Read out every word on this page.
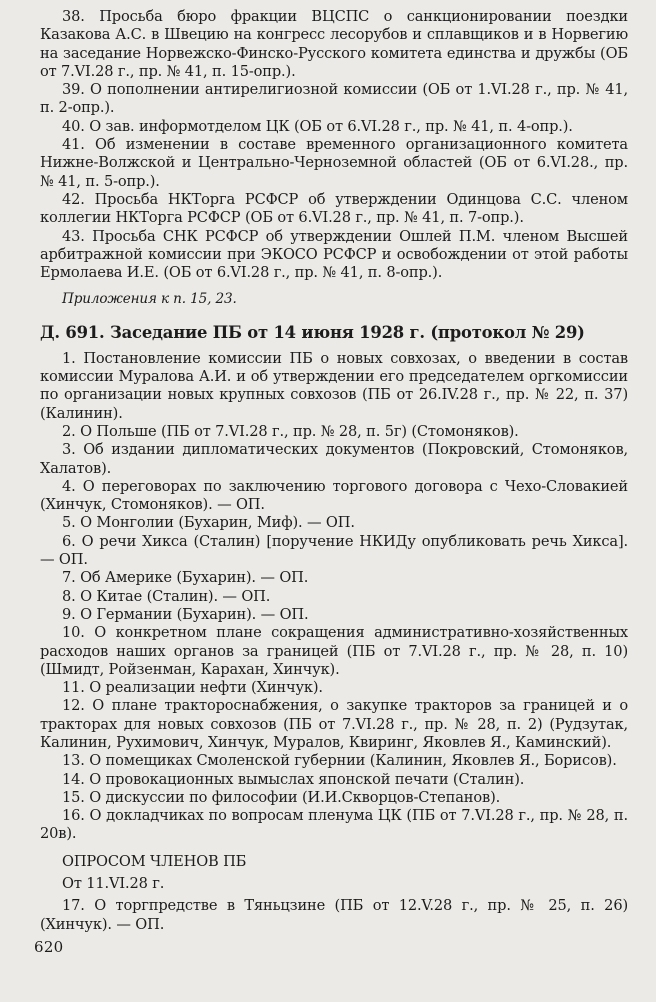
38. Просьба бюро фракции ВЦСПС о санкционировании поездки Казакова А.С. в Швецию на конгресс лесорубов и сплавщиков и в Норвегию на заседание Норвежско-Финско-Русского комитета единства и дружбы (ОБ от 7.VI.28 г., пр. № 41, п. 15-опр.).

39. О пополнении антирелигиозной комиссии (ОБ от 1.VI.28 г., пр. № 41, п. 2-опр.).

40. О зав. информотделом ЦК (ОБ от 6.VI.28 г., пр. № 41, п. 4-опр.).

41. Об изменении в составе временного организационного комитета Нижне-Волжской и Центрально-Черноземной областей (ОБ от 6.VI.28., пр. № 41, п. 5-опр.).

42. Просьба НКТорга РСФСР об утверждении Одинцова С.С. членом коллегии НКТорга РСФСР (ОБ от 6.VI.28 г., пр. № 41, п. 7-опр.).

43. Просьба СНК РСФСР об утверждении Ошлей П.М. членом Высшей арбитражной комиссии при ЭКОСО РСФСР и освобождении от этой работы Ермолаева И.Е. (ОБ от 6.VI.28 г., пр. № 41, п. 8-опр.).

Приложения к п. 15, 23.

Д. 691. Заседание ПБ от 14 июня 1928 г. (протокол № 29)

1. Постановление комиссии ПБ о новых совхозах, о введении в состав комиссии Муралова А.И. и об утверждении его председателем оргкомиссии по организации новых крупных совхозов (ПБ от 26.IV.28 г., пр. № 22, п. 37) (Калинин).

2. О Польше (ПБ от 7.VI.28 г., пр. № 28, п. 5г) (Стомоняков).

3. Об издании дипломатических документов (Покровский, Стомоняков, Халатов).

4. О переговорах по заключению торгового договора с Чехо-Словакией (Хинчук, Стомоняков). — ОП.

5. О Монголии (Бухарин, Миф). — ОП.

6. О речи Хикса (Сталин) [поручение НКИДу опубликовать речь Хикса]. — ОП.

7. Об Америке (Бухарин). — ОП.

8. О Китае (Сталин). — ОП.

9. О Германии (Бухарин). — ОП.

10. О конкретном плане сокращения административно-хозяйственных расходов наших органов за границей (ПБ от 7.VI.28 г., пр. № 28, п. 10) (Шмидт, Ройзенман, Карахан, Хинчук).

11. О реализации нефти (Хинчук).

12. О плане трактороснабжения, о закупке тракторов за границей и о тракторах для новых совхозов (ПБ от 7.VI.28 г., пр. № 28, п. 2) (Рудзутак, Калинин, Рухимович, Хинчук, Муралов, Квиринг, Яковлев Я., Каминский).

13. О помещиках Смоленской губернии (Калинин, Яковлев Я., Борисов).

14. О провокационных вымыслах японской печати (Сталин).

15. О дискуссии по философии (И.И.Скворцов-Степанов).

16. О докладчиках по вопросам пленума ЦК (ПБ от 7.VI.28 г., пр. № 28, п. 20в).

ОПРОСОМ ЧЛЕНОВ ПБ

От 11.VI.28 г.

17. О торгпредстве в Тяньцзине (ПБ от 12.V.28 г., пр. № 25, п. 26) (Хинчук). — ОП.

620
